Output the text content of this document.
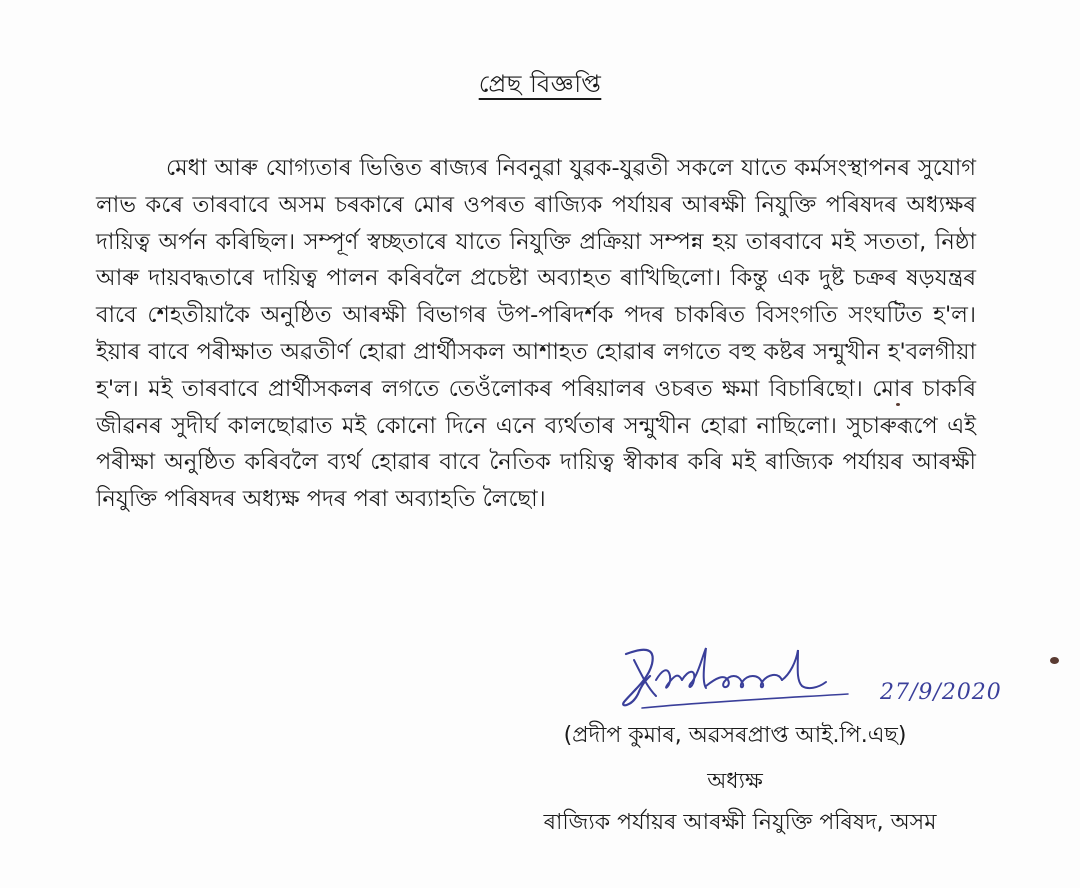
প্ৰেছ বিজ্ঞপ্তি

মেধা আৰু যোগ্যতাৰ ভিত্তিত ৰাজ্যৰ নিবনুৱা যুৱক-যুৱতী সকলে যাতে কৰ্মসংস্থাপনৰ সুযোগ লাভ কৰে তাৰবাবে অসম চৰকাৰে মোৰ ওপৰত ৰাজ্যিক পৰ্যায়ৰ আৰক্ষী নিযুক্তি পৰিষদৰ অধ্যক্ষৰ দায়িত্ব অৰ্পন কৰিছিল। সম্পূৰ্ণ স্বচ্ছতাৰে যাতে নিযুক্তি প্ৰক্ৰিয়া সম্পন্ন হয় তাৰবাবে মই সততা, নিষ্ঠা আৰু দায়বদ্ধতাৰে দায়িত্ব পালন কৰিবলৈ প্ৰচেষ্টা অব্যাহত ৰাখিছিলো। কিন্তু এক দুষ্ট চক্ৰৰ ষড়যন্ত্ৰৰ বাবে শেহতীয়াকৈ অনুষ্ঠিত আৰক্ষী বিভাগৰ উপ-পৰিদৰ্শক পদৰ চাকৰিত বিসংগতি সংঘটিত হ'ল। ইয়াৰ বাবে পৰীক্ষাত অৱতীৰ্ণ হোৱা প্ৰাৰ্থীসকল আশাহত হোৱাৰ লগতে বহু কষ্টৰ সন্মুখীন হ'বলগীয়া হ'ল। মই তাৰবাবে প্ৰাৰ্থীসকলৰ লগতে তেওঁলোকৰ পৰিয়ালৰ ওচৰত ক্ষমা বিচাৰিছো। মোৰ চাকৰি জীৱনৰ সুদীৰ্ঘ কালছোৱাত মই কোনো দিনে এনে ব্যৰ্থতাৰ সন্মুখীন হোৱা নাছিলো। সুচাৰুৰূপে এই পৰীক্ষা অনুষ্ঠিত কৰিবলৈ ব্যৰ্থ হোৱাৰ বাবে নৈতিক দায়িত্ব স্বীকাৰ কৰি মই ৰাজ্যিক পৰ্যায়ৰ আৰক্ষী নিযুক্তি পৰিষদৰ অধ্যক্ষ পদৰ পৰা অব্যাহতি লৈছো।

27/9/2020
(প্ৰদীপ কুমাৰ, অৱসৰপ্ৰাপ্ত আই.পি.এছ)
অধ্যক্ষ
ৰাজ্যিক পৰ্যায়ৰ আৰক্ষী নিযুক্তি পৰিষদ, অসম
